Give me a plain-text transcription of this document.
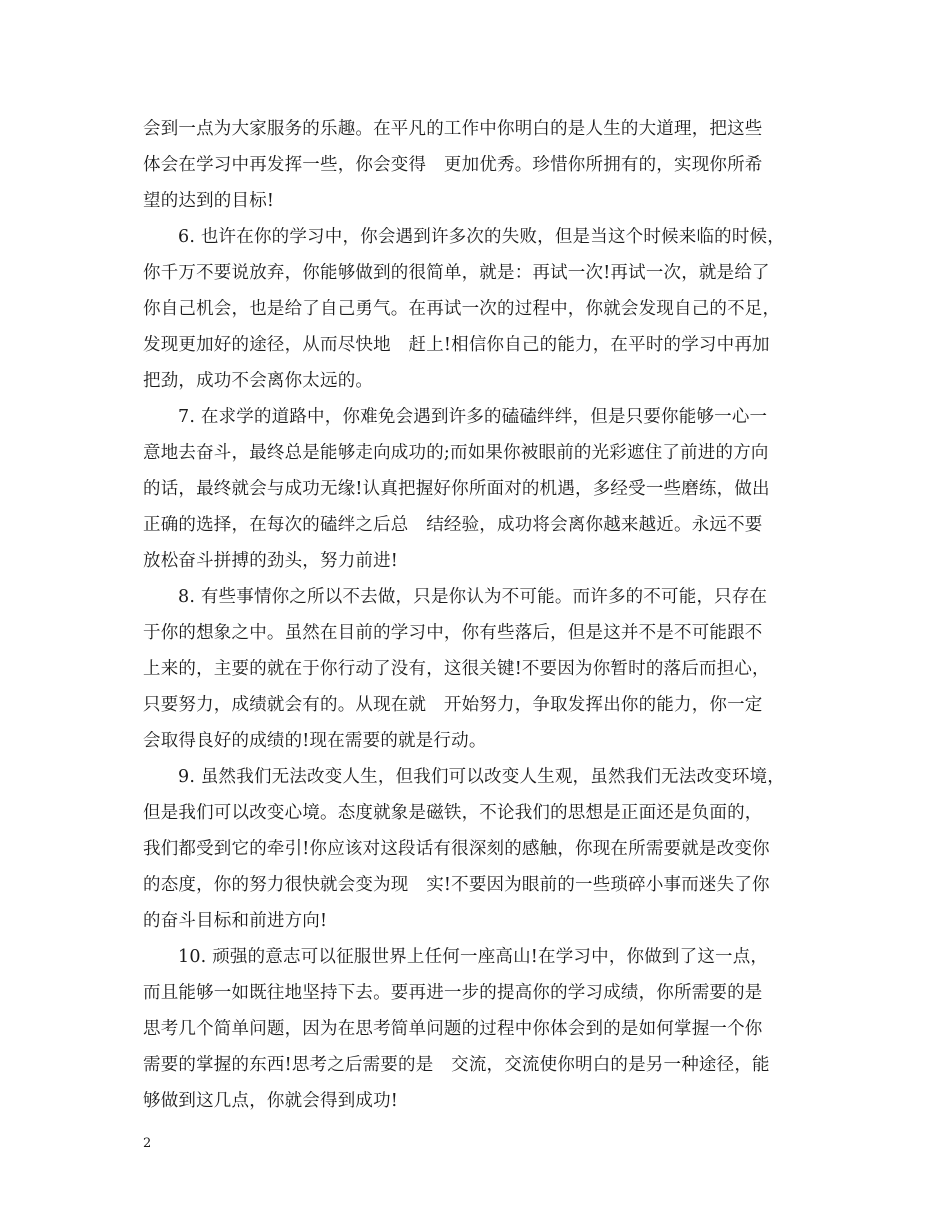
会到一点为大家服务的乐趣。在平凡的工作中你明白的是人生的大道理，把这些
体会在学习中再发挥一些，你会变得　更加优秀。珍惜你所拥有的，实现你所希
望的达到的目标!
6. 也许在你的学习中，你会遇到许多次的失败，但是当这个时候来临的时候，
你千万不要说放弃，你能够做到的很简单，就是：再试一次!再试一次，就是给了
你自己机会，也是给了自己勇气。在再试一次的过程中，你就会发现自己的不足，
发现更加好的途径，从而尽快地　赶上!相信你自己的能力，在平时的学习中再加
把劲，成功不会离你太远的。
7. 在求学的道路中，你难免会遇到许多的磕磕绊绊，但是只要你能够一心一
意地去奋斗，最终总是能够走向成功的;而如果你被眼前的光彩遮住了前进的方向
的话，最终就会与成功无缘!认真把握好你所面对的机遇，多经受一些磨练，做出
正确的选择，在每次的磕绊之后总　结经验，成功将会离你越来越近。永远不要
放松奋斗拼搏的劲头，努力前进!
8. 有些事情你之所以不去做，只是你认为不可能。而许多的不可能，只存在
于你的想象之中。虽然在目前的学习中，你有些落后，但是这并不是不可能跟不
上来的，主要的就在于你行动了没有，这很关键!不要因为你暂时的落后而担心，
只要努力，成绩就会有的。从现在就　开始努力，争取发挥出你的能力，你一定
会取得良好的成绩的!现在需要的就是行动。
9. 虽然我们无法改变人生，但我们可以改变人生观，虽然我们无法改变环境，
但是我们可以改变心境。态度就象是磁铁，不论我们的思想是正面还是负面的，
我们都受到它的牵引!你应该对这段话有很深刻的感触，你现在所需要就是改变你
的态度，你的努力很快就会变为现　实!不要因为眼前的一些琐碎小事而迷失了你
的奋斗目标和前进方向!
10. 顽强的意志可以征服世界上任何一座高山!在学习中，你做到了这一点，
而且能够一如既往地坚持下去。要再进一步的提高你的学习成绩，你所需要的是
思考几个简单问题，因为在思考简单问题的过程中你体会到的是如何掌握一个你
需要的掌握的东西!思考之后需要的是　交流，交流使你明白的是另一种途径，能
够做到这几点，你就会得到成功!
2
